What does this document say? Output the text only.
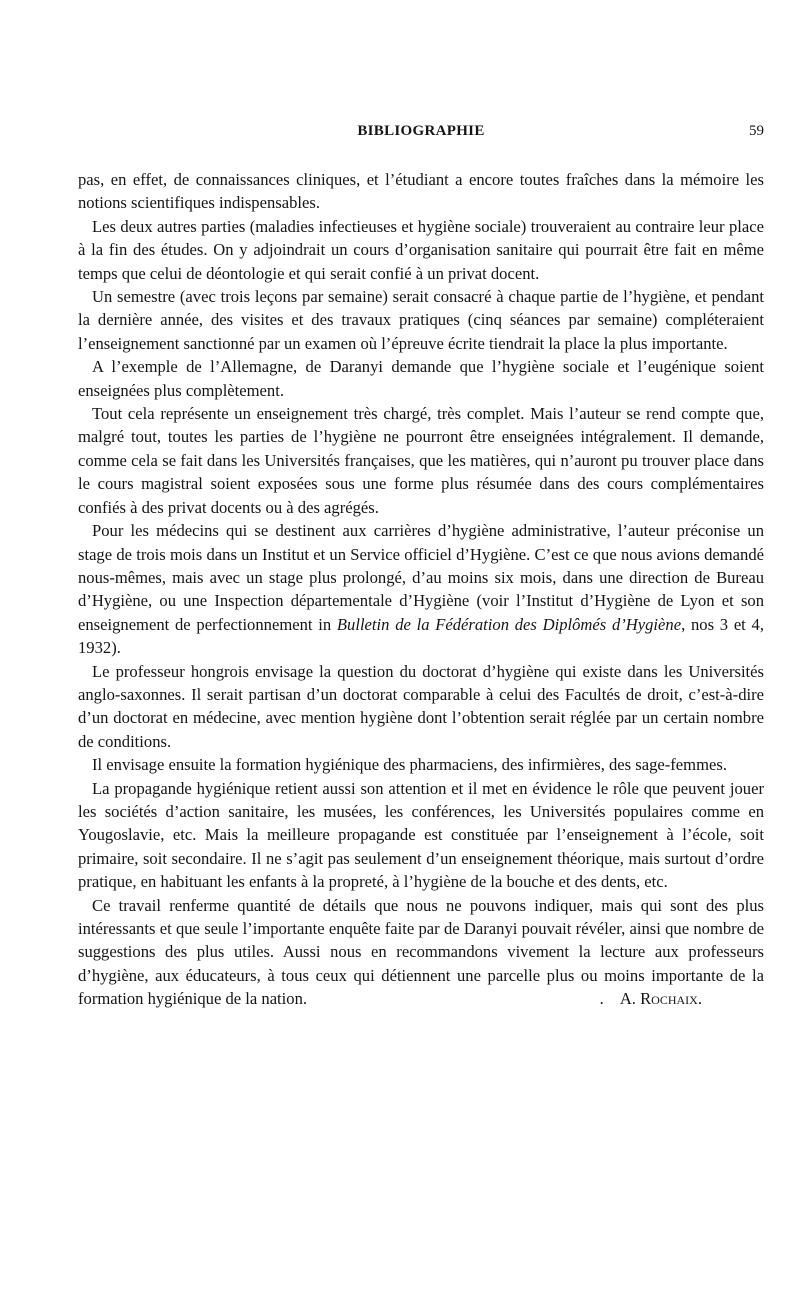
BIBLIOGRAPHIE	59

pas, en effet, de connaissances cliniques, et l’étudiant a encore toutes fraîches dans la mémoire les notions scientifiques indispensables.

Les deux autres parties (maladies infectieuses et hygiène sociale) trouveraient au contraire leur place à la fin des études. On y adjoindrait un cours d’organisation sanitaire qui pourrait être fait en même temps que celui de déontologie et qui serait confié à un privat docent.

Un semestre (avec trois leçons par semaine) serait consacré à chaque partie de l’hygiène, et pendant la dernière année, des visites et des travaux pratiques (cinq séances par semaine) compléteraient l’enseignement sanctionné par un examen où l’épreuve écrite tiendrait la place la plus importante.

A l’exemple de l’Allemagne, de Daranyi demande que l’hygiène sociale et l’eugénique soient enseignées plus complètement.

Tout cela représente un enseignement très chargé, très complet. Mais l’auteur se rend compte que, malgré tout, toutes les parties de l’hygiène ne pourront être enseignées intégralement. Il demande, comme cela se fait dans les Universités françaises, que les matières, qui n’auront pu trouver place dans le cours magistral soient exposées sous une forme plus résumée dans des cours complémentaires confiés à des privat docents ou à des agrégés.

Pour les médecins qui se destinent aux carrières d’hygiène administrative, l’auteur préconise un stage de trois mois dans un Institut et un Service officiel d’Hygiène. C’est ce que nous avions demandé nous-mêmes, mais avec un stage plus prolongé, d’au moins six mois, dans une direction de Bureau d’Hygiène, ou une Inspection départementale d’Hygiène (voir l’Institut d’Hygiène de Lyon et son enseignement de perfectionnement in Bulletin de la Fédération des Diplômés d’Hygiène, nos 3 et 4, 1932).

Le professeur hongrois envisage la question du doctorat d’hygiène qui existe dans les Universités anglo-saxonnes. Il serait partisan d’un doctorat comparable à celui des Facultés de droit, c’est-à-dire d’un doctorat en médecine, avec mention hygiène dont l’obtention serait réglée par un certain nombre de conditions.

Il envisage ensuite la formation hygiénique des pharmaciens, des infirmières, des sage-femmes.

La propagande hygiénique retient aussi son attention et il met en évidence le rôle que peuvent jouer les sociétés d’action sanitaire, les musées, les conférences, les Universités populaires comme en Yougoslavie, etc. Mais la meilleure propagande est constituée par l’enseignement à l’école, soit primaire, soit secondaire. Il ne s’agit pas seulement d’un enseignement théorique, mais surtout d’ordre pratique, en habituant les enfants à la propreté, à l’hygiène de la bouche et des dents, etc.

Ce travail renferme quantité de détails que nous ne pouvons indiquer, mais qui sont des plus intéressants et que seule l’importante enquête faite par de Daranyi pouvait révéler, ainsi que nombre de suggestions des plus utiles. Aussi nous en recommandons vivement la lecture aux professeurs d’hygiène, aux éducateurs, à tous ceux qui détiennent une parcelle plus ou moins importante de la formation hygiénique de la nation.	. A. Rochaix.
